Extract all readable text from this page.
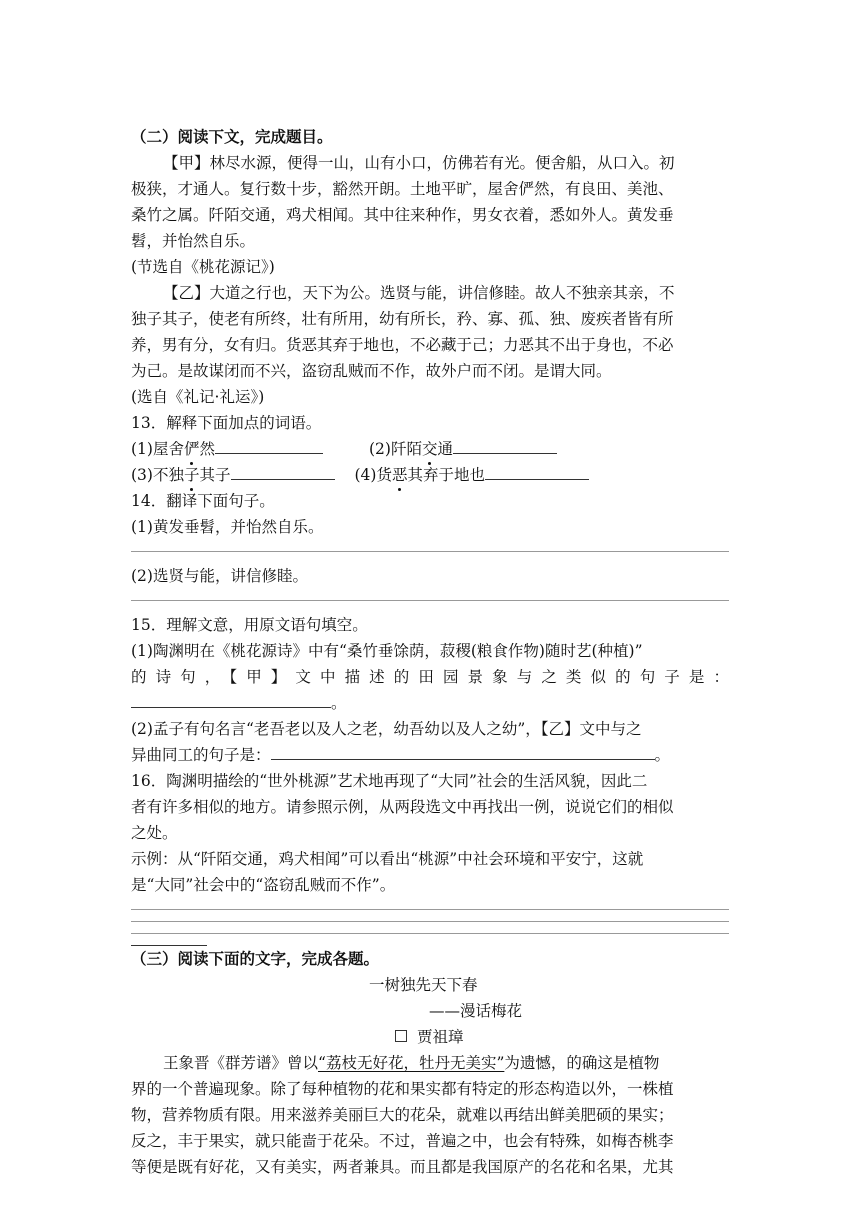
（二）阅读下文，完成题目。
【甲】林尽水源，便得一山，山有小口，仿佛若有光。便舍船，从口入。初
极狭，才通人。复行数十步，豁然开朗。土地平旷，屋舍俨然，有良田、美池、
桑竹之属。阡陌交通，鸡犬相闻。其中往来种作，男女衣着，悉如外人。黄发垂
髫，并怡然自乐。
(节选自《桃花源记》)
【乙】大道之行也，天下为公。选贤与能，讲信修睦。故人不独亲其亲，不
独子其子，使老有所终，壮有所用，幼有所长，矜、寡、孤、独、废疾者皆有所
养，男有分，女有归。货恶其弃于地也，不必藏于己；力恶其不出于身也，不必
为己。是故谋闭而不兴，盗窃乱贼而不作，故外户而不闭。是谓大同。
(选自《礼记·礼运》)
13．解释下面加点的词语。
(1)屋舍俨然	(2)阡陌交通
(3)不独子其子	(4)货恶其弃于地也
14．翻译下面句子。
(1)黄发垂髫，并怡然自乐。
(2)选贤与能，讲信修睦。
15．理解文意，用原文语句填空。
(1)陶渊明在《桃花源诗》中有“桑竹垂馀荫，菽稷(粮食作物)随时艺(种植)”
的诗句，【甲】文中描述的田园景象与之类似的句子是：
。
(2)孟子有句名言“老吾老以及人之老，幼吾幼以及人之幼”，【乙】文中与之
异曲同工的句子是：	。
16．陶渊明描绘的“世外桃源”艺术地再现了“大同”社会的生活风貌，因此二
者有许多相似的地方。请参照示例，从两段选文中再找出一例，说说它们的相似
之处。
示例：从“阡陌交通，鸡犬相闻”可以看出“桃源”中社会环境和平安宁，这就
是“大同”社会中的“盗窃乱贼而不作”。
（三）阅读下面的文字，完成各题。
一树独先天下春
——漫话梅花
贾祖璋
王象晋《群芳谱》曾以“荔枝无好花，牡丹无美实”为遗憾，的确这是植物
界的一个普遍现象。除了每种植物的花和果实都有特定的形态构造以外，一株植
物，营养物质有限。用来滋养美丽巨大的花朵，就难以再结出鲜美肥硕的果实；
反之，丰于果实，就只能啬于花朵。不过，普遍之中，也会有特殊，如梅杏桃李
等便是既有好花，又有美实，两者兼具。而且都是我国原产的名花和名果，尤其
